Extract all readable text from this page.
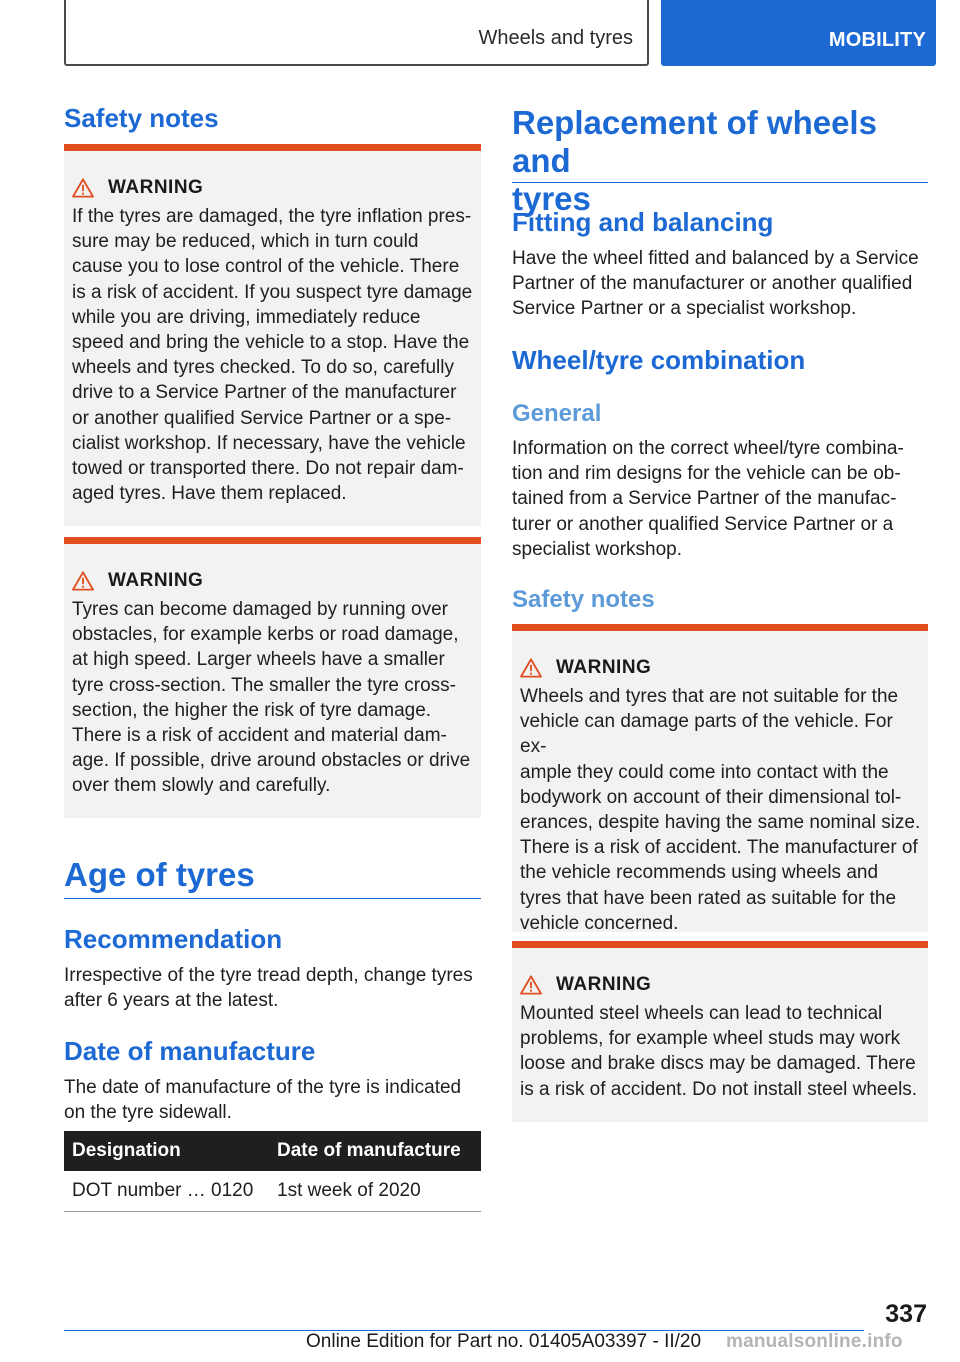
Wheels and tyres	MOBILITY
Safety notes
WARNING
If the tyres are damaged, the tyre inflation pres-
sure may be reduced, which in turn could
cause you to lose control of the vehicle. There
is a risk of accident. If you suspect tyre damage
while you are driving, immediately reduce
speed and bring the vehicle to a stop. Have the
wheels and tyres checked. To do so, carefully
drive to a Service Partner of the manufacturer
or another qualified Service Partner or a spe-
cialist workshop. If necessary, have the vehicle
towed or transported there. Do not repair dam-
aged tyres. Have them replaced.
WARNING
Tyres can become damaged by running over
obstacles, for example kerbs or road damage,
at high speed. Larger wheels have a smaller
tyre cross-section. The smaller the tyre cross-
section, the higher the risk of tyre damage.
There is a risk of accident and material dam-
age. If possible, drive around obstacles or drive
over them slowly and carefully.
Age of tyres
Recommendation

Irrespective of the tyre tread depth, change tyres
after 6 years at the latest.

Date of manufacture

The date of manufacture of the tyre is indicated
on the tyre sidewall.

Designation	Date of manufacture
DOT number … 0120	1st week of 2020
Replacement of wheels and
tyres
Fitting and balancing

Have the wheel fitted and balanced by a Service
Partner of the manufacturer or another qualified
Service Partner or a specialist workshop.

Wheel/tyre combination
General

Information on the correct wheel/tyre combina-
tion and rim designs for the vehicle can be ob-
tained from a Service Partner of the manufac-
turer or another qualified Service Partner or a
specialist workshop.

Safety notes
WARNING
Wheels and tyres that are not suitable for the
vehicle can damage parts of the vehicle. For ex-
ample they could come into contact with the
bodywork on account of their dimensional tol-
erances, despite having the same nominal size.
There is a risk of accident. The manufacturer of
the vehicle recommends using wheels and
tyres that have been rated as suitable for the
vehicle concerned.
WARNING
Mounted steel wheels can lead to technical
problems, for example wheel studs may work
loose and brake discs may be damaged. There
is a risk of accident. Do not install steel wheels.
337
Online Edition for Part no. 01405A03397 - II/20 manualsonline.info
